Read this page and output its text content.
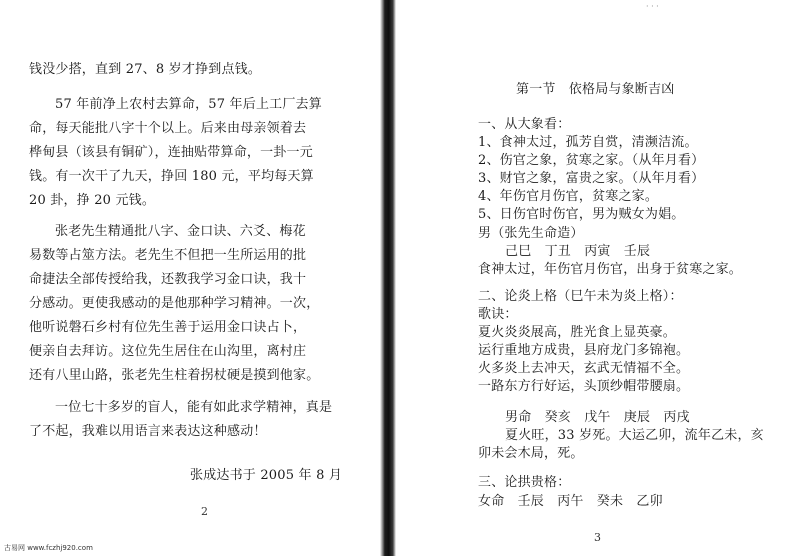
钱没少搭，直到 27、8 岁才挣到点钱。
57 年前净上农村去算命，57 年后上工厂去算
命，每天能批八字十个以上。后来由母亲领着去
桦甸县（该县有铜矿），连抽贴带算命，一卦一元
钱。有一次干了九天，挣回 180 元，平均每天算
20 卦，挣 20 元钱。
张老先生精通批八字、金口诀、六爻、梅花
易数等占筮方法。老先生不但把一生所运用的批
命捷法全部传授给我，还教我学习金口诀，我十
分感动。更使我感动的是他那种学习精神。一次，
他听说磐石乡村有位先生善于运用金口诀占卜，
便亲自去拜访。这位先生居住在山沟里，离村庄
还有八里山路，张老先生柱着拐杖硬是摸到他家。
一位七十多岁的盲人，能有如此求学精神，真是
了不起，我难以用语言来表达这种感动！
张成达书于 2005 年 8 月
2
· · ·
第一节　依格局与象断吉凶
一、从大象看：
1、食神太过，孤芳自赏，清濒洁流。
2、伤官之象，贫寒之家。（从年月看）
3、财官之象，富贵之家。（从年月看）
4、年伤官月伤官，贫寒之家。
5、日伤官时伤官，男为贼女为娼。
男（张先生命造）
己巳　丁丑　丙寅　壬辰
食神太过，年伤官月伤官，出身于贫寒之家。
二、论炎上格（巳午未为炎上格）：
歌诀：
夏火炎炎展高，胜光食上显英豪。
运行重地方成贵，县府龙门多锦袍。
火多炎上去冲天，玄武无情福不全。
一路东方行好运，头顶纱帽带腰扇。
男命　癸亥　戊午　庚辰　丙戌
夏火旺，33 岁死。大运乙卯，流年乙未，亥
卯未会木局，死。
三、论拱贵格：
女命　壬辰　丙午　癸未　乙卯
3
古易网 www.fczhj920.com
